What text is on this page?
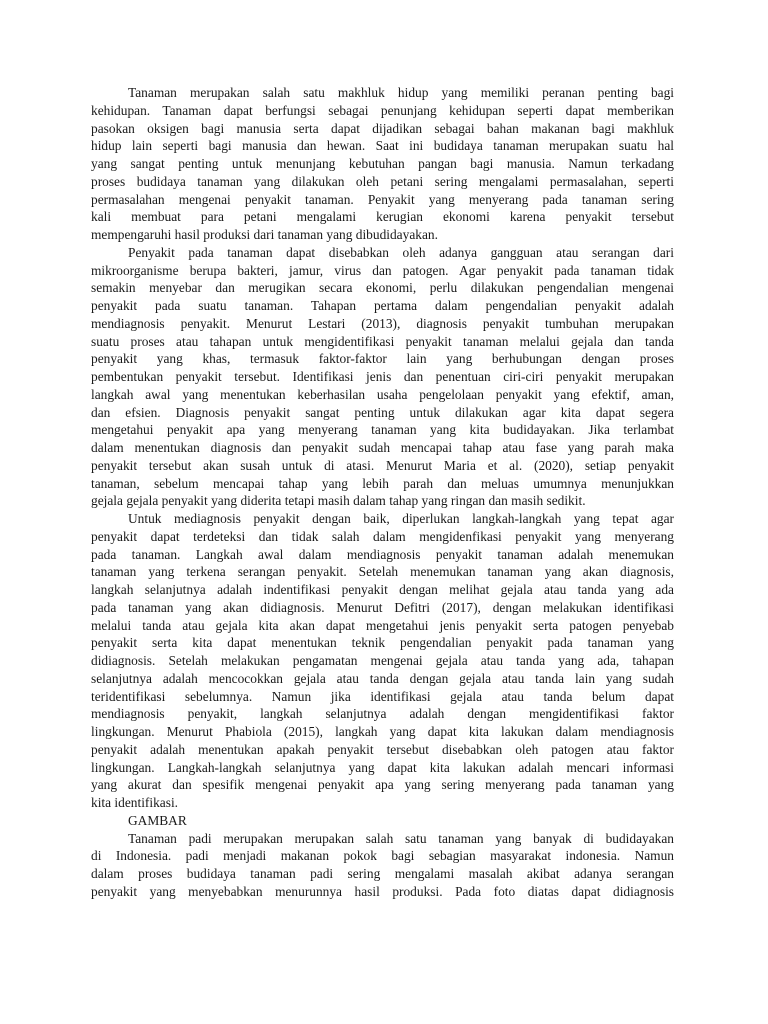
Tanaman merupakan salah satu makhluk hidup yang memiliki peranan penting bagi
kehidupan. Tanaman dapat berfungsi sebagai penunjang kehidupan seperti dapat memberikan
pasokan oksigen bagi manusia serta dapat dijadikan sebagai bahan makanan bagi makhluk
hidup lain seperti bagi manusia dan hewan. Saat ini budidaya tanaman merupakan suatu hal
yang sangat penting untuk menunjang kebutuhan pangan bagi manusia. Namun terkadang
proses budidaya tanaman yang dilakukan oleh petani sering mengalami permasalahan, seperti
permasalahan mengenai penyakit tanaman. Penyakit yang menyerang pada tanaman sering
kali membuat para petani mengalami kerugian ekonomi karena penyakit tersebut
mempengaruhi hasil produksi dari tanaman yang dibudidayakan.
Penyakit pada tanaman dapat disebabkan oleh adanya gangguan atau serangan dari
mikroorganisme berupa bakteri, jamur, virus dan patogen. Agar penyakit pada tanaman tidak
semakin menyebar dan merugikan secara ekonomi, perlu dilakukan pengendalian mengenai
penyakit pada suatu tanaman. Tahapan pertama dalam pengendalian penyakit adalah
mendiagnosis penyakit. Menurut Lestari (2013), diagnosis penyakit tumbuhan merupakan
suatu proses atau tahapan untuk mengidentifikasi penyakit tanaman melalui gejala dan tanda
penyakit yang khas, termasuk faktor-faktor lain yang berhubungan dengan proses
pembentukan penyakit tersebut. Identifikasi jenis dan penentuan ciri-ciri penyakit merupakan
langkah awal yang menentukan keberhasilan usaha pengelolaan penyakit yang efektif, aman,
dan efsien. Diagnosis penyakit sangat penting untuk dilakukan agar kita dapat segera
mengetahui penyakit apa yang menyerang tanaman yang kita budidayakan. Jika terlambat
dalam menentukan diagnosis dan penyakit sudah mencapai tahap atau fase yang parah maka
penyakit tersebut akan susah untuk di atasi. Menurut Maria et al. (2020), setiap penyakit
tanaman, sebelum mencapai tahap yang lebih parah dan meluas umumnya menunjukkan
gejala gejala penyakit yang diderita tetapi masih dalam tahap yang ringan dan masih sedikit.
Untuk mediagnosis penyakit dengan baik, diperlukan langkah-langkah yang tepat agar
penyakit dapat terdeteksi dan tidak salah dalam mengidenfikasi penyakit yang menyerang
pada tanaman. Langkah awal dalam mendiagnosis penyakit tanaman adalah menemukan
tanaman yang terkena serangan penyakit. Setelah menemukan tanaman yang akan diagnosis,
langkah selanjutnya adalah indentifikasi penyakit dengan melihat gejala atau tanda yang ada
pada tanaman yang akan didiagnosis. Menurut Defitri (2017), dengan melakukan identifikasi
melalui tanda atau gejala kita akan dapat mengetahui jenis penyakit serta patogen penyebab
penyakit serta kita dapat menentukan teknik pengendalian penyakit pada tanaman yang
didiagnosis. Setelah melakukan pengamatan mengenai gejala atau tanda yang ada, tahapan
selanjutnya adalah mencocokkan gejala atau tanda dengan gejala atau tanda lain yang sudah
teridentifikasi sebelumnya. Namun jika identifikasi gejala atau tanda belum dapat
mendiagnosis penyakit, langkah selanjutnya adalah dengan mengidentifikasi faktor
lingkungan. Menurut Phabiola (2015), langkah yang dapat kita lakukan dalam mendiagnosis
penyakit adalah menentukan apakah penyakit tersebut disebabkan oleh patogen atau faktor
lingkungan. Langkah-langkah selanjutnya yang dapat kita lakukan adalah mencari informasi
yang akurat dan spesifik mengenai penyakit apa yang sering menyerang pada tanaman yang
kita identifikasi.
GAMBAR
Tanaman padi merupakan merupakan salah satu tanaman yang banyak di budidayakan
di Indonesia. padi menjadi makanan pokok bagi sebagian masyarakat indonesia. Namun
dalam proses budidaya tanaman padi sering mengalami masalah akibat adanya serangan
penyakit yang menyebabkan menurunnya hasil produksi. Pada foto diatas dapat didiagnosis
